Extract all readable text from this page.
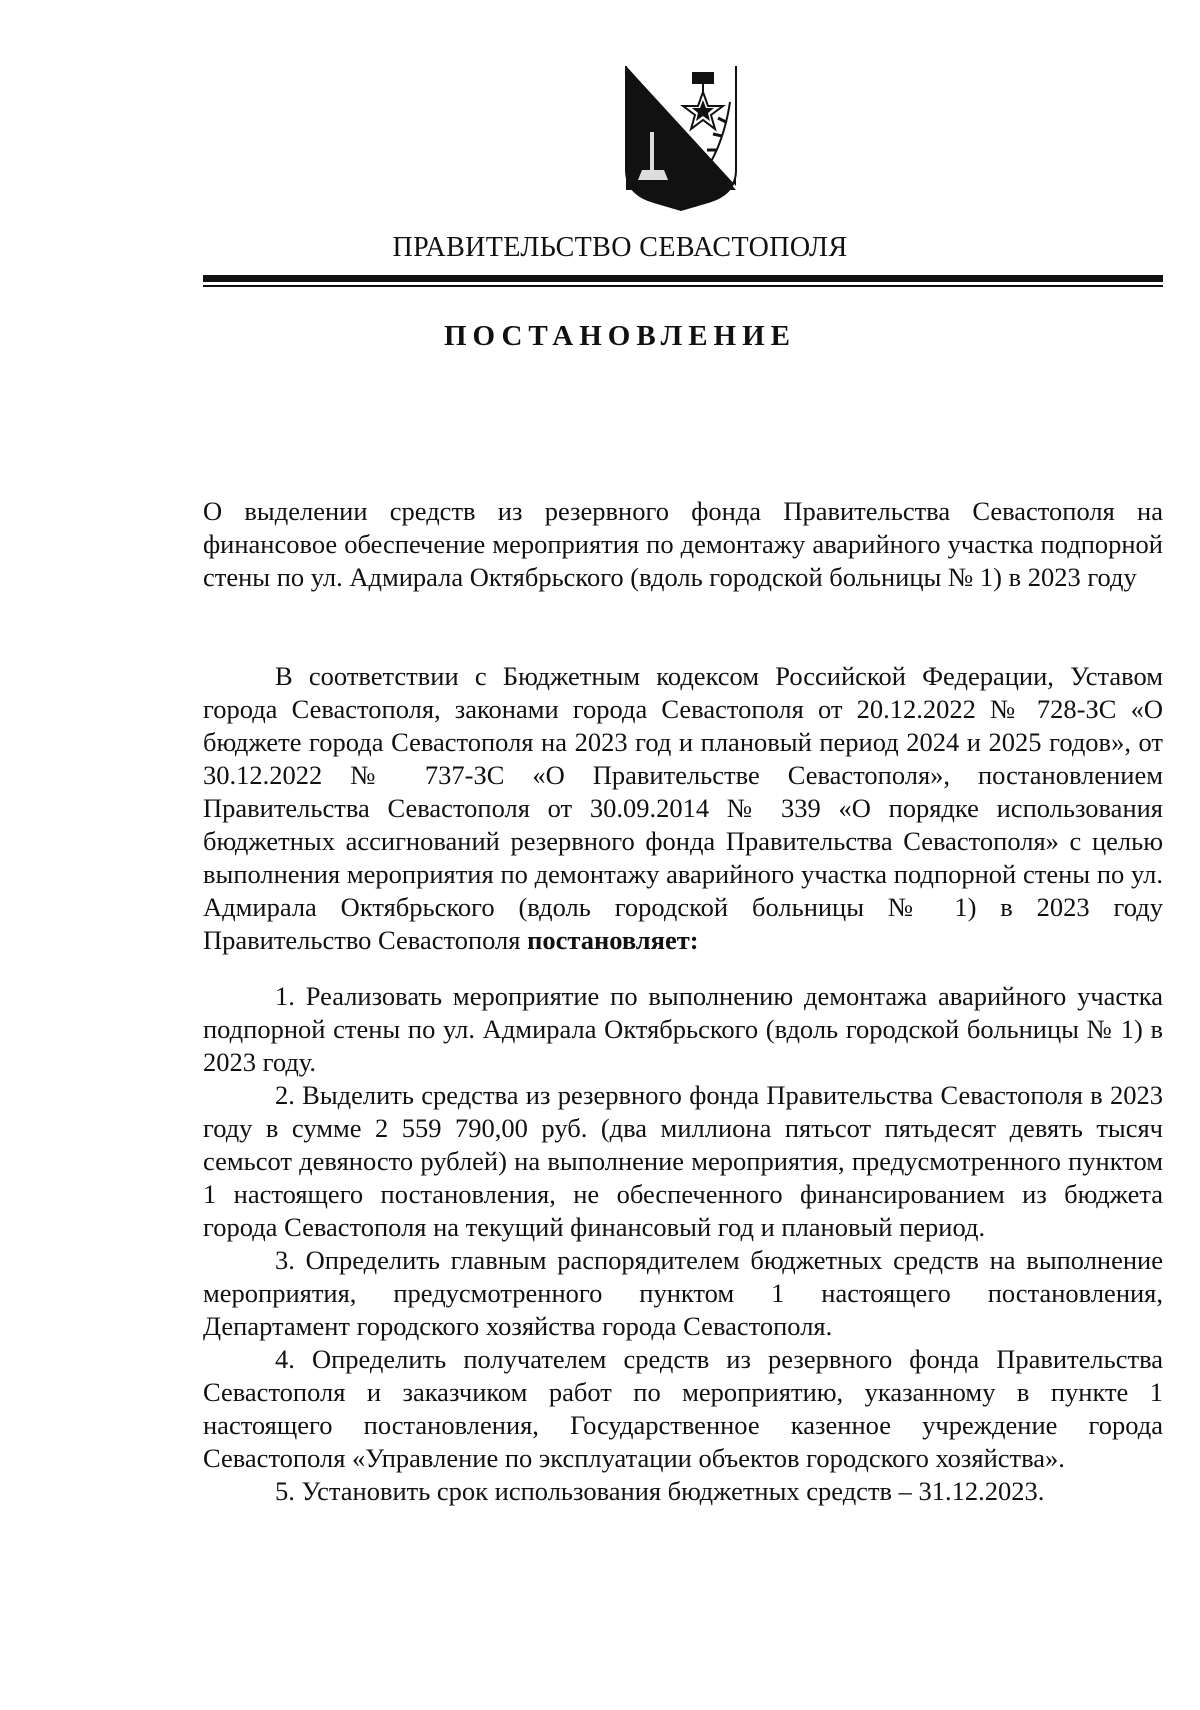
ПРАВИТЕЛЬСТВО СЕВАСТОПОЛЯ
ПОСТАНОВЛЕНИЕ

О выделении средств из резервного фонда Правительства Севастополя на финансовое обеспечение мероприятия по демонтажу аварийного участка подпорной стены по ул. Адмирала Октябрьского (вдоль городской больницы № 1) в 2023 году

В соответствии с Бюджетным кодексом Российской Федерации, Уставом города Севастополя, законами города Севастополя от 20.12.2022 № 728-ЗС «О бюджете города Севастополя на 2023 год и плановый период 2024 и 2025 годов», от 30.12.2022 № 737-ЗС «О Правительстве Севастополя», постановлением Правительства Севастополя от 30.09.2014 № 339 «О порядке использования бюджетных ассигнований резервного фонда Правительства Севастополя» с целью выполнения мероприятия по демонтажу аварийного участка подпорной стены по ул. Адмирала Октябрьского (вдоль городской больницы № 1) в 2023 году Правительство Севастополя постановляет:

1. Реализовать мероприятие по выполнению демонтажа аварийного участка подпорной стены по ул. Адмирала Октябрьского (вдоль городской больницы № 1) в 2023 году.

2. Выделить средства из резервного фонда Правительства Севастополя в 2023 году в сумме 2 559 790,00 руб. (два миллиона пятьсот пятьдесят девять тысяч семьсот девяносто рублей) на выполнение мероприятия, предусмотренного пунктом 1 настоящего постановления, не обеспеченного финансированием из бюджета города Севастополя на текущий финансовый год и плановый период.

3. Определить главным распорядителем бюджетных средств на выполнение мероприятия, предусмотренного пунктом 1 настоящего постановления, Департамент городского хозяйства города Севастополя.

4. Определить получателем средств из резервного фонда Правительства Севастополя и заказчиком работ по мероприятию, указанному в пункте 1 настоящего постановления, Государственное казенное учреждение города Севастополя «Управление по эксплуатации объектов городского хозяйства».

5. Установить срок использования бюджетных средств – 31.12.2023.
